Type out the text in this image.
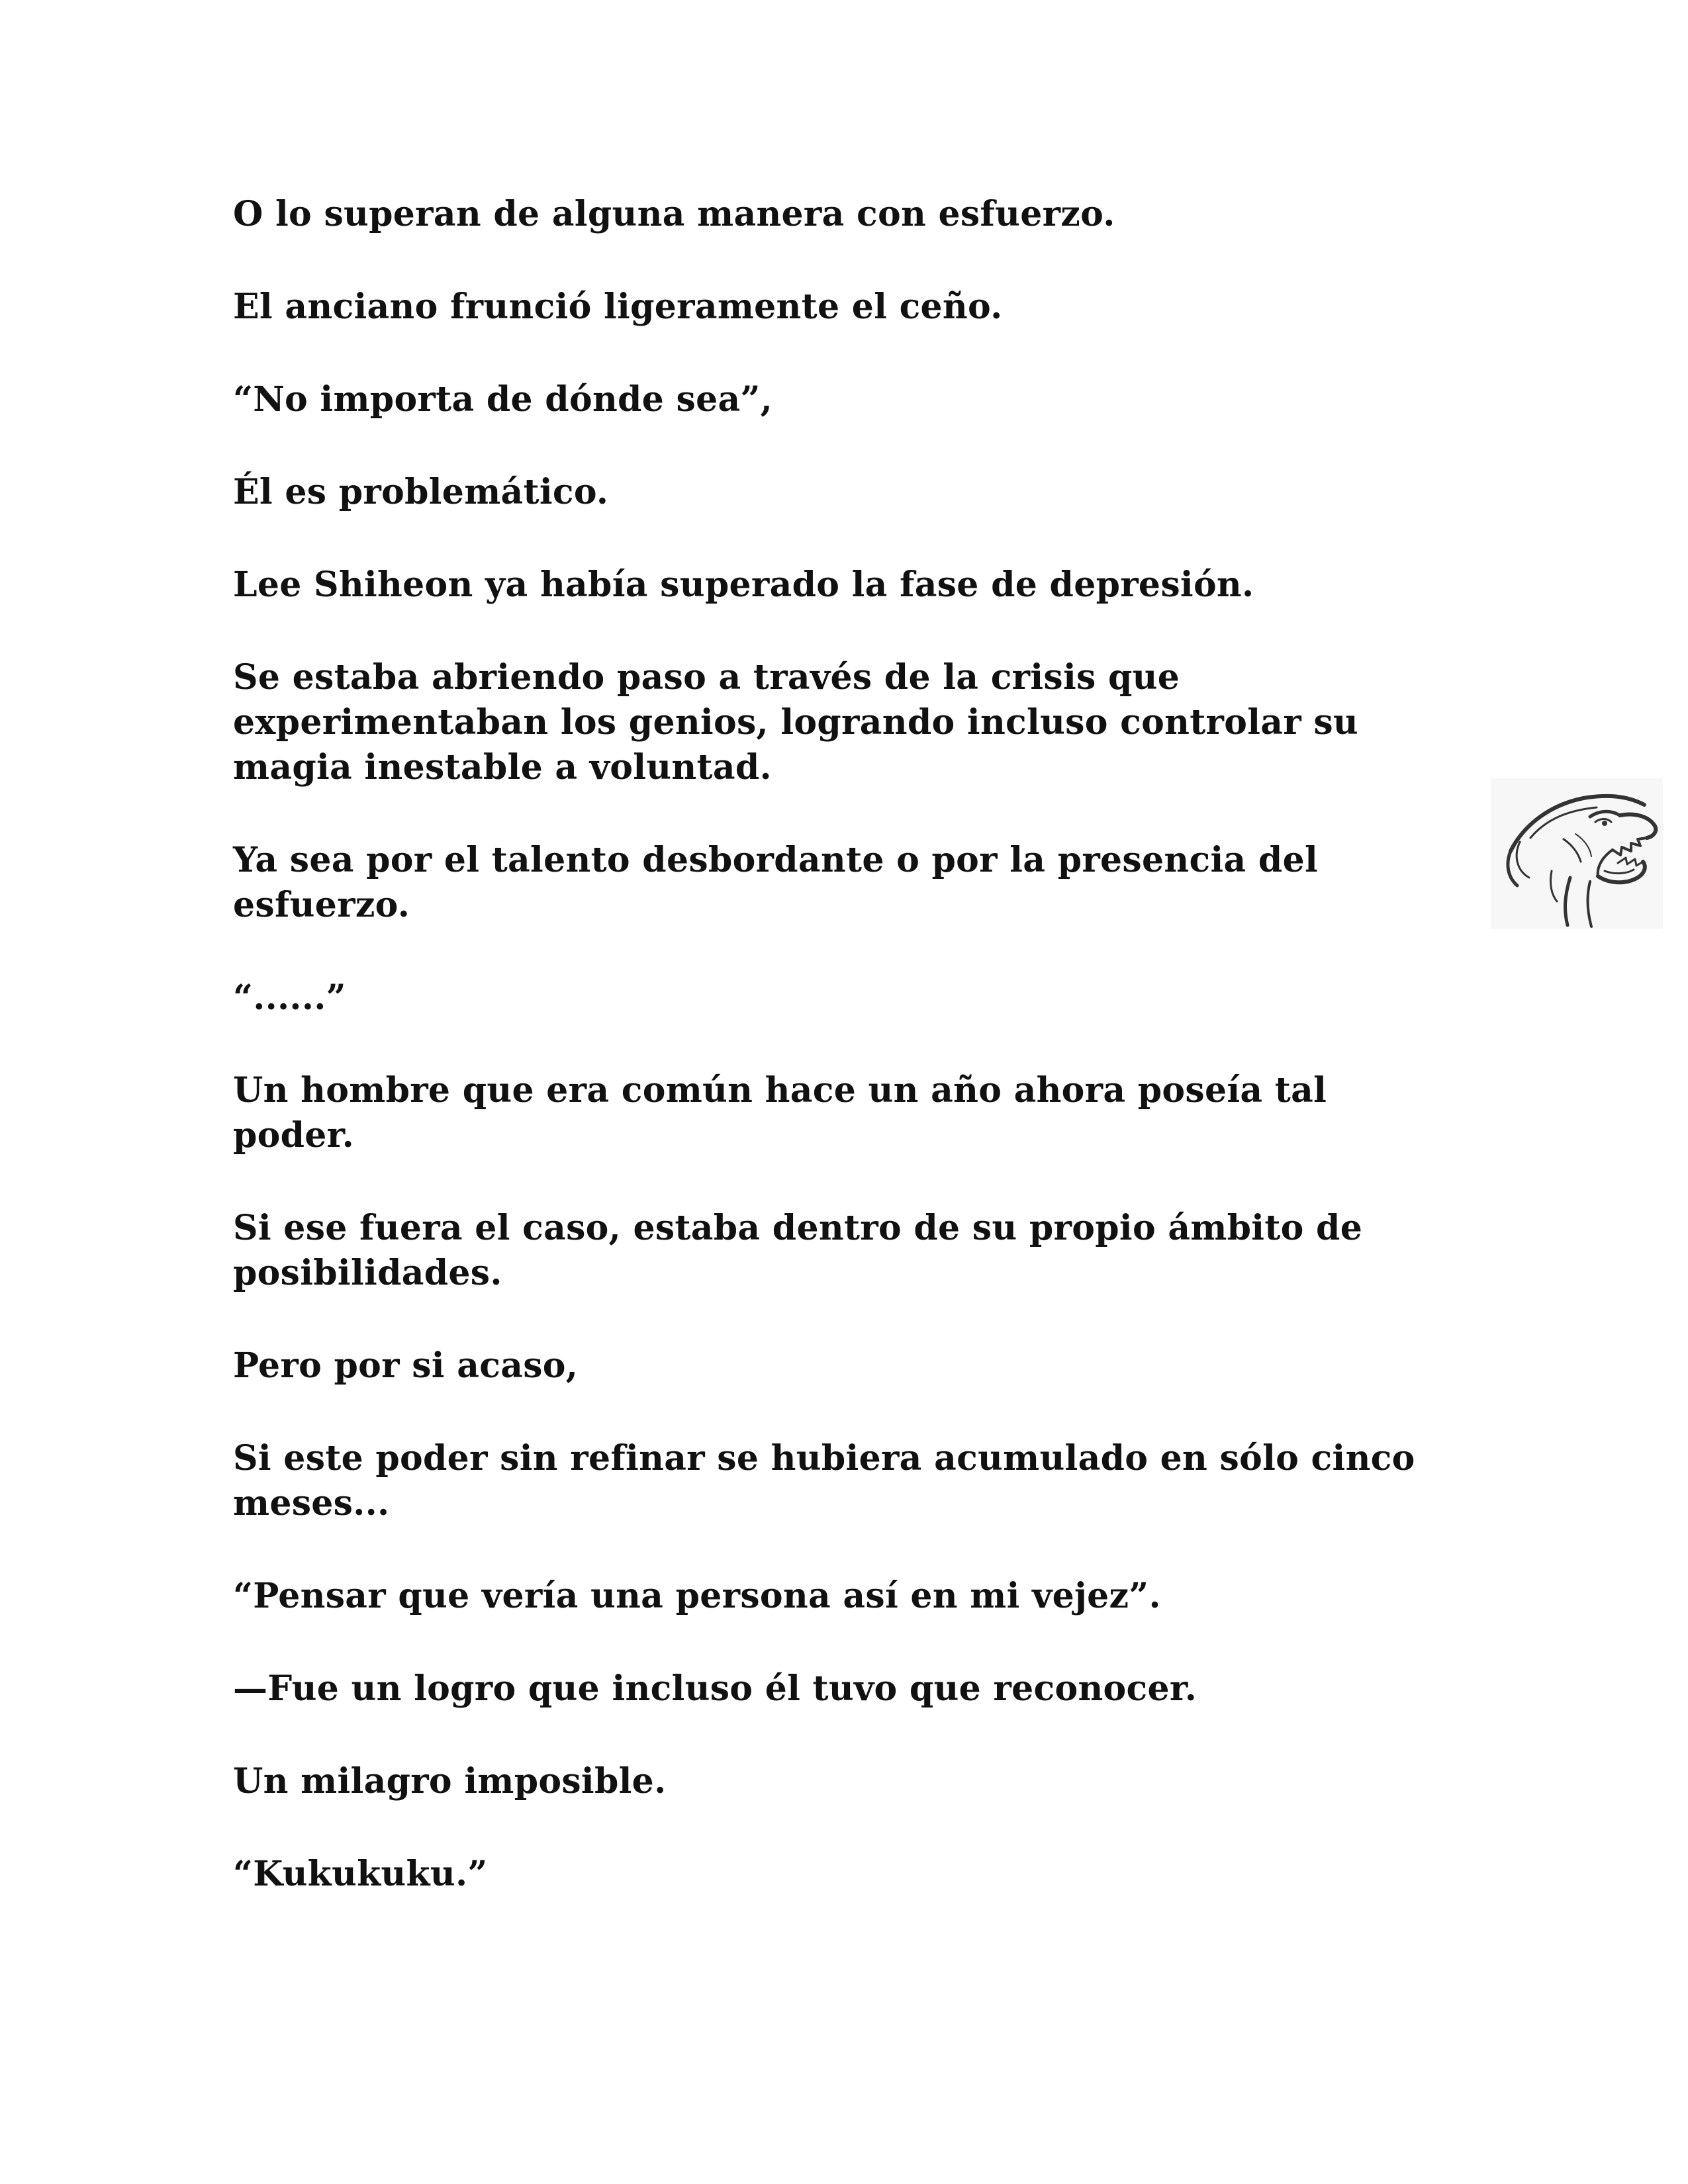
O lo superan de alguna manera con esfuerzo.

El anciano frunció ligeramente el ceño.

“No importa de dónde sea”,

Él es problemático.

Lee Shiheon ya había superado la fase de depresión.

Se estaba abriendo paso a través de la crisis que experimentaban los genios, logrando incluso controlar su magia inestable a voluntad.

Ya sea por el talento desbordante o por la presencia del esfuerzo.

“......”

Un hombre que era común hace un año ahora poseía tal poder.

Si ese fuera el caso, estaba dentro de su propio ámbito de posibilidades.

Pero por si acaso,

Si este poder sin refinar se hubiera acumulado en sólo cinco meses...

“Pensar que vería una persona así en mi vejez”.

—Fue un logro que incluso él tuvo que reconocer.

Un milagro imposible.

“Kukukuku.”
